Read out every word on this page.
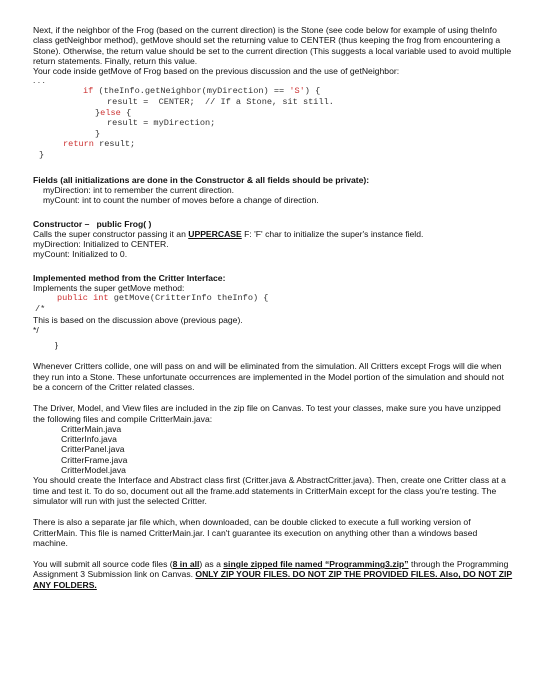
Next, if the neighbor of the Frog (based on the current direction) is the Stone (see code below for example of using theInfo class getNeighbor method), getMove should set the returning value to CENTER (thus keeping the frog from encountering a Stone). Otherwise, the return value should be set to the current direction (This suggests a local variable used to avoid multiple return statements. Finally, return this value.

Your code inside getMove of Frog based on the previous discussion and the use of getNeighbor:

. . .

if (theInfo.getNeighbor(myDirection) == 'S') {
result =  CENTER;  // If a Stone, sit still.
}else {
result = myDirection;
}
return result;
}

Fields (all initializations are done in the Constructor & all fields should be private):

myDirection: int to remember the current direction.

myCount: int to count the number of moves before a change of direction.

Constructor – public Frog( )

Calls the super constructor passing it an UPPERCASE F: 'F' char to initialize the super's instance field.

myDirection: Initialized to CENTER.

myCount: Initialized to 0.

Implemented method from the Critter Interface:

Implements the super getMove method:

public int getMove(CritterInfo theInfo) {
/*

This is based on the discussion above (previous page).

*/

}

Whenever Critters collide, one will pass on and will be eliminated from the simulation. All Critters except Frogs will die when they run into a Stone. These unfortunate occurrences are implemented in the Model portion of the simulation and should not be a concern of the Critter related classes.

The Driver, Model, and View files are included in the zip file on Canvas. To test your classes, make sure you have unzipped the following files and compile CritterMain.java:

CritterMain.java

CritterInfo.java

CritterPanel.java

CritterFrame.java

CritterModel.java

You should create the Interface and Abstract class first (Critter.java & AbstractCritter.java). Then, create one Critter class at a time and test it. To do so, document out all the frame.add statements in CritterMain except for the class you're testing. The simulator will run with just the selected Critter.

There is also a separate jar file which, when downloaded, can be double clicked to execute a full working version of CritterMain. This file is named CritterMain.jar. I can't guarantee its execution on anything other than a windows based machine.

You will submit all source code files (8 in all) as a single zipped file named “Programming3.zip” through the Programming Assignment 3 Submission link on Canvas. ONLY ZIP YOUR FILES. DO NOT ZIP THE PROVIDED FILES. Also, DO NOT ZIP ANY FOLDERS.
